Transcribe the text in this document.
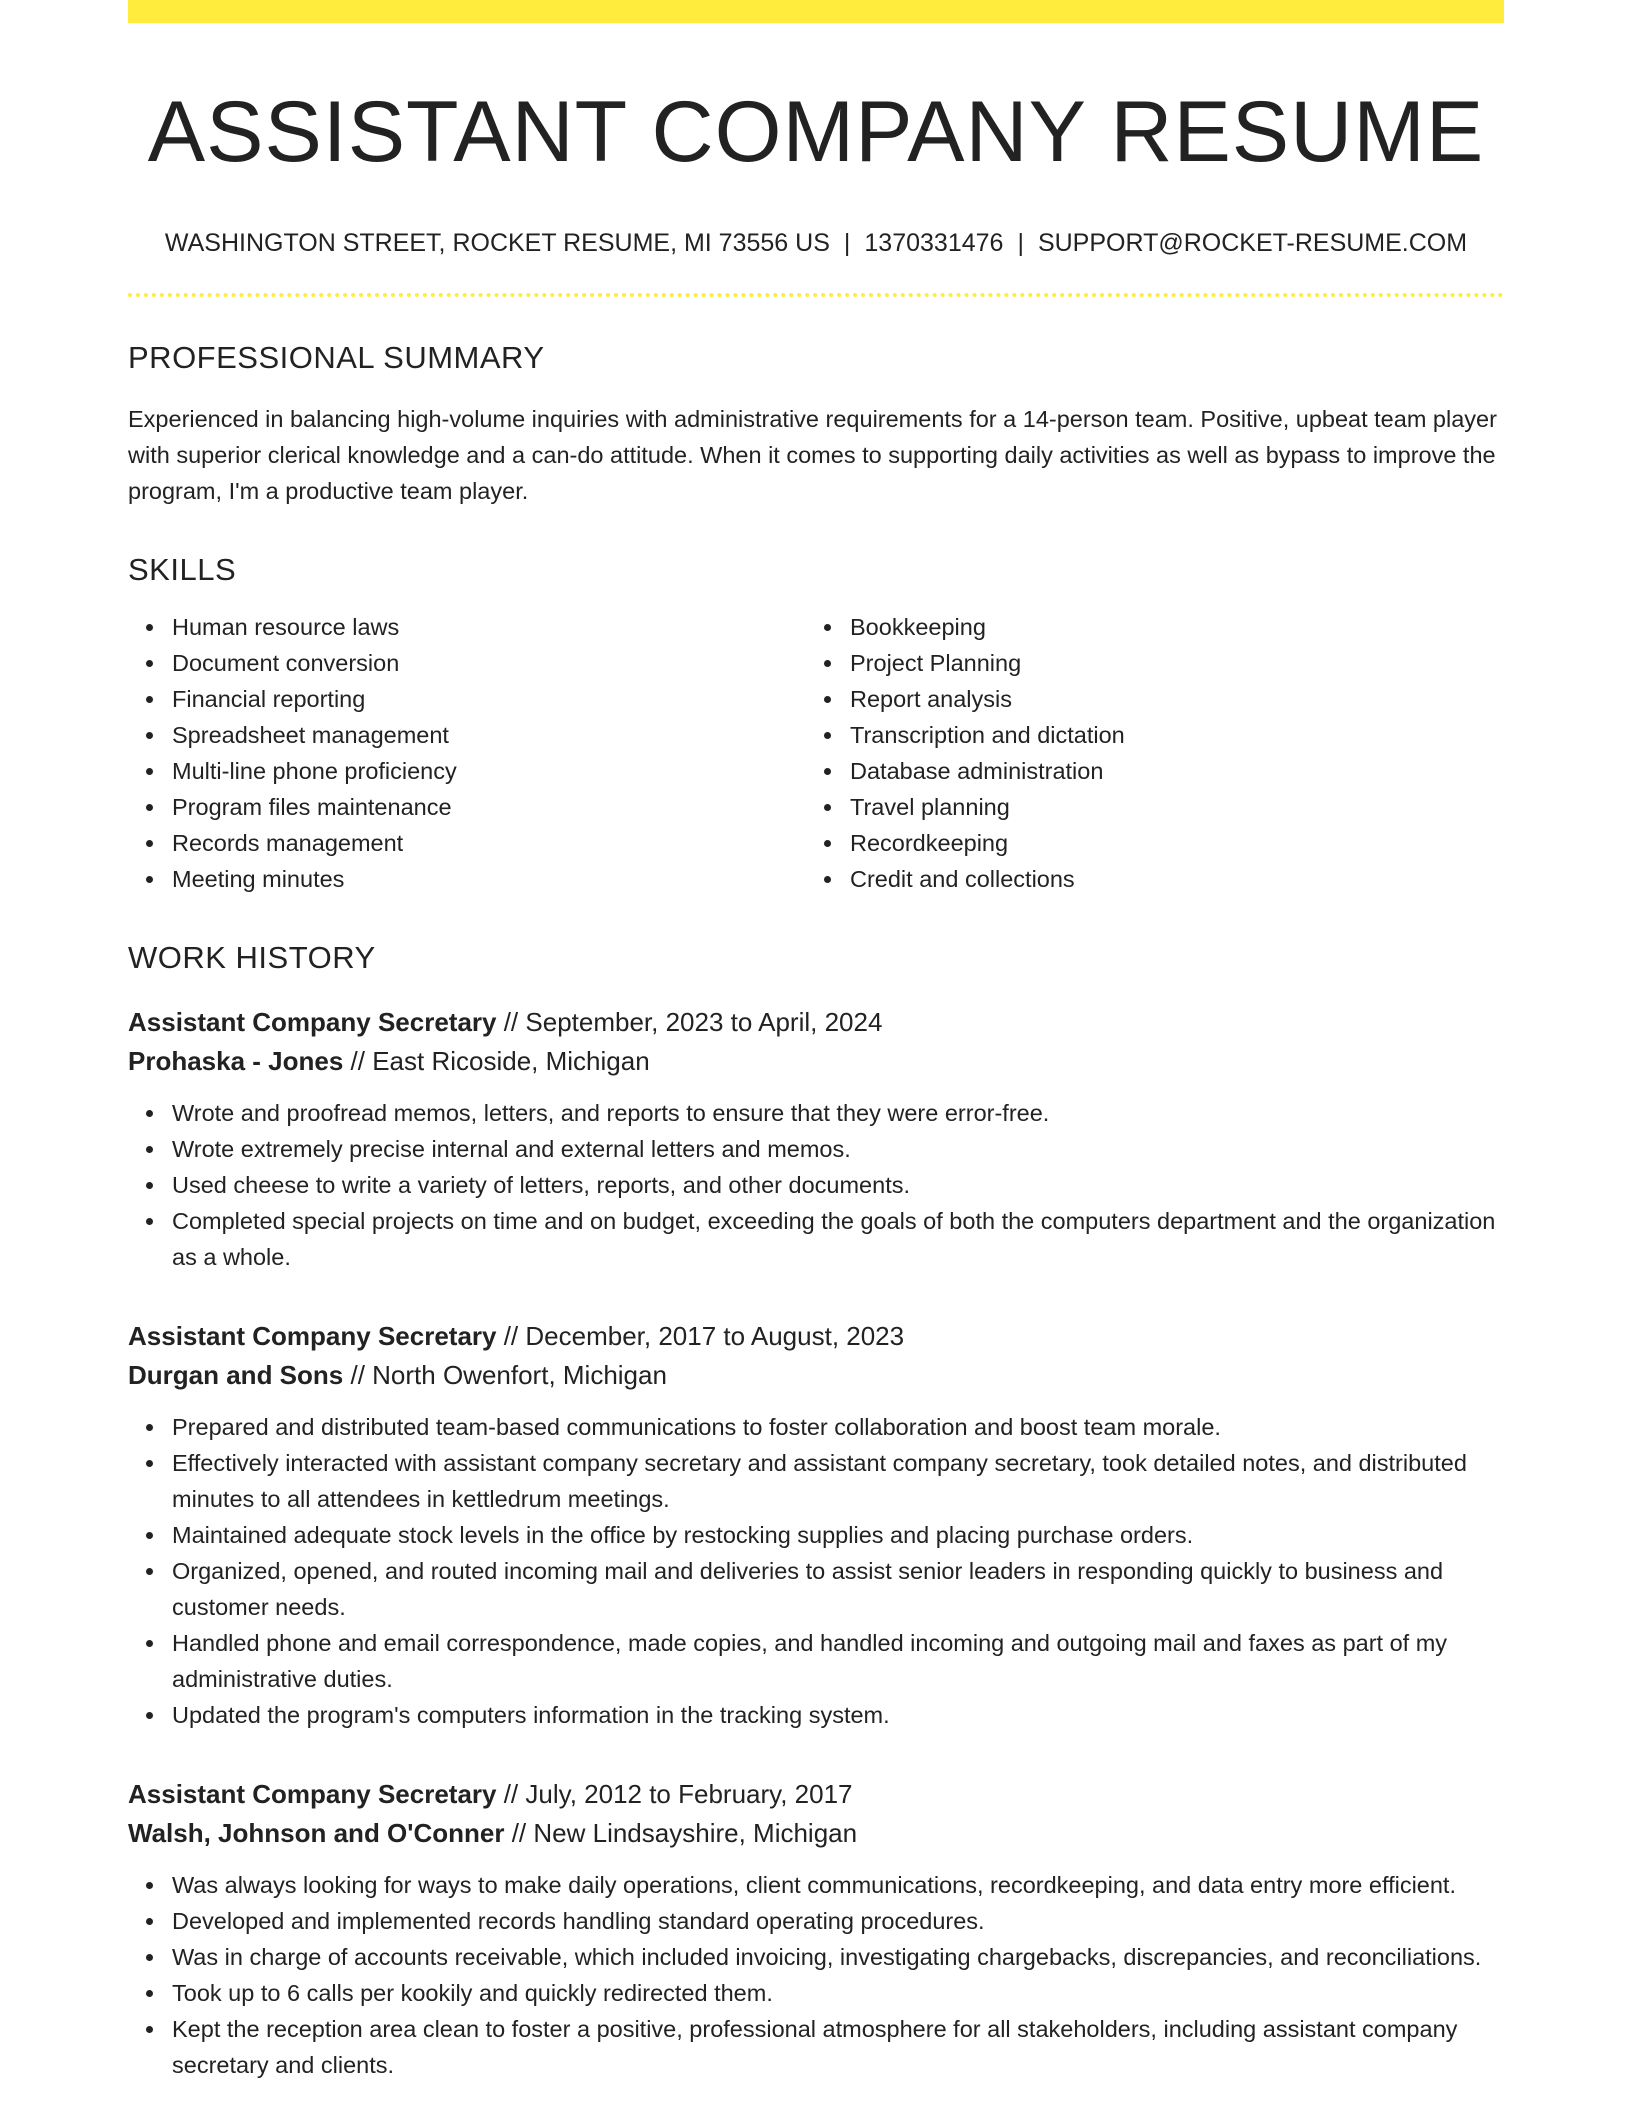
ASSISTANT COMPANY RESUME
WASHINGTON STREET, ROCKET RESUME, MI 73556 US | 1370331476 | SUPPORT@ROCKET-RESUME.COM
PROFESSIONAL SUMMARY

Experienced in balancing high-volume inquiries with administrative requirements for a 14-person team. Positive, upbeat team player with superior clerical knowledge and a can-do attitude. When it comes to supporting daily activities as well as bypass to improve the program, I'm a productive team player.

SKILLS
Human resource laws
Document conversion
Financial reporting
Spreadsheet management
Multi-line phone proficiency
Program files maintenance
Records management
Meeting minutes
Bookkeeping
Project Planning
Report analysis
Transcription and dictation
Database administration
Travel planning
Recordkeeping
Credit and collections
WORK HISTORY
Assistant Company Secretary // September, 2023 to April, 2024
Prohaska - Jones // East Ricoside, Michigan
Wrote and proofread memos, letters, and reports to ensure that they were error-free.
Wrote extremely precise internal and external letters and memos.
Used cheese to write a variety of letters, reports, and other documents.
Completed special projects on time and on budget, exceeding the goals of both the computers department and the organization as a whole.
Assistant Company Secretary // December, 2017 to August, 2023
Durgan and Sons // North Owenfort, Michigan
Prepared and distributed team-based communications to foster collaboration and boost team morale.
Effectively interacted with assistant company secretary and assistant company secretary, took detailed notes, and distributed minutes to all attendees in kettledrum meetings.
Maintained adequate stock levels in the office by restocking supplies and placing purchase orders.
Organized, opened, and routed incoming mail and deliveries to assist senior leaders in responding quickly to business and customer needs.
Handled phone and email correspondence, made copies, and handled incoming and outgoing mail and faxes as part of my administrative duties.
Updated the program's computers information in the tracking system.
Assistant Company Secretary // July, 2012 to February, 2017
Walsh, Johnson and O'Conner // New Lindsayshire, Michigan
Was always looking for ways to make daily operations, client communications, recordkeeping, and data entry more efficient.
Developed and implemented records handling standard operating procedures.
Was in charge of accounts receivable, which included invoicing, investigating chargebacks, discrepancies, and reconciliations.
Took up to 6 calls per kookily and quickly redirected them.
Kept the reception area clean to foster a positive, professional atmosphere for all stakeholders, including assistant company secretary and clients.
